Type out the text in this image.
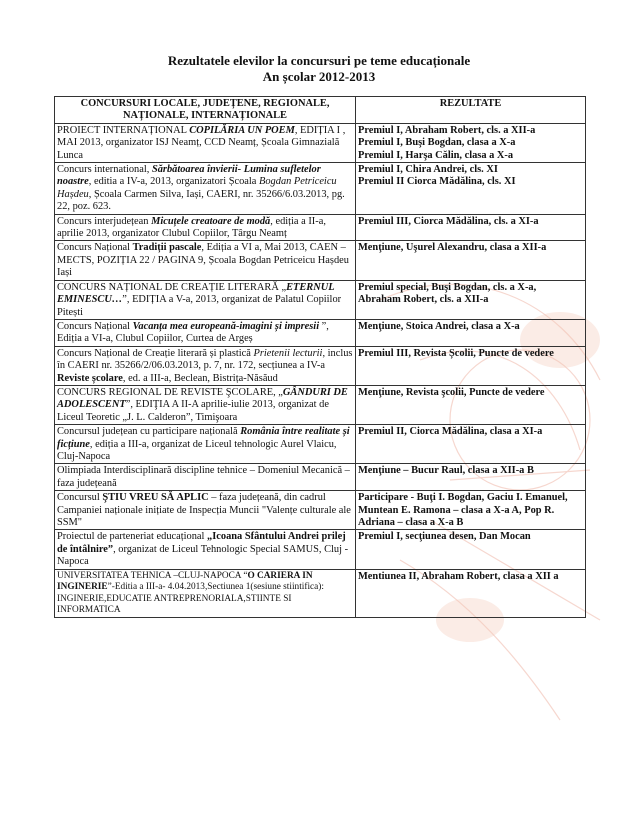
Rezultatele elevilor la concursuri pe teme educaționale
An școlar 2012-2013
CONCURSURI LOCALE, JUDEȚENE, REGIONALE, NAȚIONALE, INTERNAȚIONALE	REZULTATE
PROIECT INTERNAȚIONAL COPILĂRIA UN POEM, EDIȚIA I , MAI 2013, organizator ISJ Neamț, CCD Neamț, Școala Gimnazială Lunca	Premiul I, Abraham Robert, cls. a XII-a
Premiul I, Buşi Bogdan, clasa a X-a
Premiul I, Harşa Călin, clasa a X-a

Concurs international, Sărbătoarea învierii- Lumina sufletelor noastre, editia a IV-a, 2013, organizatori Școala Bogdan Petriceicu Hașdeu, Școala Carmen Silva, Iași, CAERI, nr. 35266/6.03.2013, pg. 22, poz. 623.	Premiul I, Chira Andrei, cls. XI
Premiul II Ciorca Mădălina, cls. XI

Concurs interjudețean Micuțele creatoare de modă, ediția a II-a, aprilie 2013, organizator Clubul Copiilor, Târgu Neamț	Premiul III, Ciorca Mădălina, cls. a XI-a

Concurs Național Tradiții pascale, Ediția a VI a, Mai 2013, CAEN – MECTS, POZIȚIA 22 / PAGINA 9, Școala Bogdan Petriceicu Hașdeu Iași	Menţiune, Uşurel Alexandru, clasa a XII-a

CONCURS NAȚIONAL DE CREAȚIE LITERARĂ „ETERNUL EMINESCU…”, EDIȚIA a V-a, 2013, organizat de Palatul Copiilor Pitești	Premiul special, Buşi Bogdan, cls. a X-a,
Abraham Robert, cls. a XII-a

Concurs Național Vacanța mea europeană-imagini și impresii ”, Ediția a VI-a, Clubul Copiilor, Curtea de Argeș	Menţiune, Stoica Andrei, clasa a X-a

Concurs Național de Creație literară și plastică Prietenii lecturii, inclus în CAERI nr. 35266/2/06.03.2013, p. 7, nr. 172, secțiunea a IV-a Reviste școlare, ed. a III-a, Beclean, Bistrița-Năsăud	Premiul III, Revista Școlii, Puncte de vedere

CONCURS REGIONAL DE REVISTE ŞCOLARE, „GÂNDURI DE ADOLESCENT”, EDIŢIA A II-A aprilie-iulie 2013, organizat de Liceul Teoretic „J. L. Calderon”, Timişoara	Menţiune, Revista şcolii, Puncte de vedere

Concursul județean cu participare națională România între realitate și ficțiune, ediția a III-a, organizat de Liceul tehnologic Aurel Vlaicu, Cluj-Napoca	Premiul II, Ciorca Mădălina, clasa a XI-a

Olimpiada Interdisciplinară discipline tehnice – Domeniul Mecanică – faza județeană	Menţiune – Bucur Raul, clasa a XII-a B

Concursul ŞTIU VREU SĂ APLIC – faza județeană, din cadrul Campaniei naționale inițiate de Inspecția Muncii "Valențe culturale ale SSM"	Participare - Buţi I. Bogdan, Gaciu I. Emanuel, Muntean E. Ramona – clasa a X-a A, Pop R. Adriana – clasa a X-a B

Proiectul de parteneriat educațional „Icoana Sfântului Andrei prilej de întâlnire”, organizat de Liceul Tehnologic Special SAMUS, Cluj - Napoca	Premiul I, secţiunea desen, Dan Mocan

UNIVERSITATEA TEHNICA –CLUJ-NAPOCA “O CARIERA IN INGINERIE”-Editia a III-a- 4.04.2013,Sectiunea 1(sesiune stiintifica): INGINERIE,EDUCATIE ANTREPRENORIALA,STIINTE SI INFORMATICA	Mentiunea II, Abraham Robert, clasa a XII a
